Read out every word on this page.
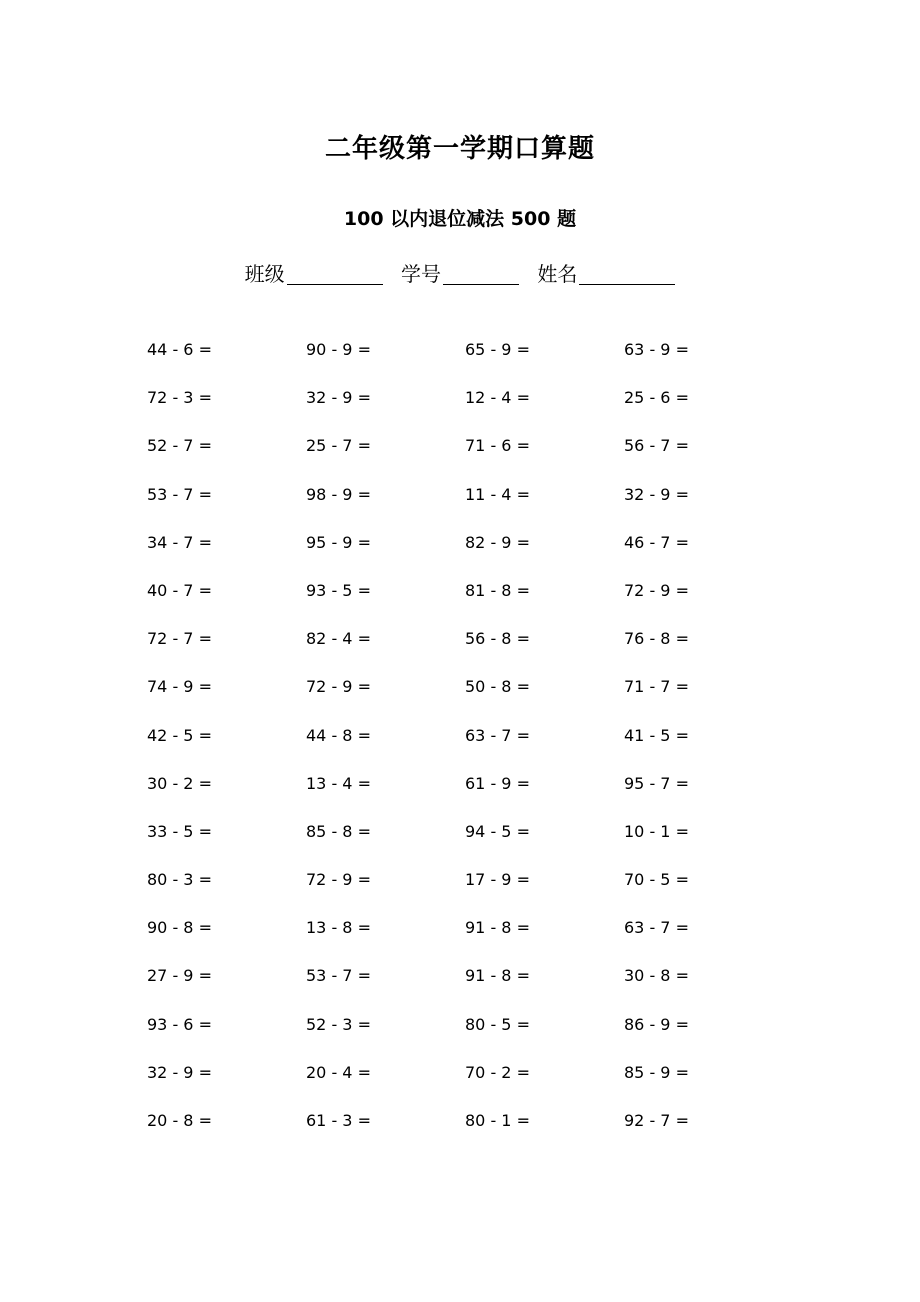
二年级第一学期口算题
100 以内退位减法 500 题
班级	学号	姓名
44 - 6 =	90 - 9 =	65 - 9 =	63 - 9 =
72 - 3 =	32 - 9 =	12 - 4 =	25 - 6 =
52 - 7 =	25 - 7 =	71 - 6 =	56 - 7 =
53 - 7 =	98 - 9 =	11 - 4 =	32 - 9 =
34 - 7 =	95 - 9 =	82 - 9 =	46 - 7 =
40 - 7 =	93 - 5 =	81 - 8 =	72 - 9 =
72 - 7 =	82 - 4 =	56 - 8 =	76 - 8 =
74 - 9 =	72 - 9 =	50 - 8 =	71 - 7 =
42 - 5 =	44 - 8 =	63 - 7 =	41 - 5 =
30 - 2 =	13 - 4 =	61 - 9 =	95 - 7 =
33 - 5 =	85 - 8 =	94 - 5 =	10 - 1 =
80 - 3 =	72 - 9 =	17 - 9 =	70 - 5 =
90 - 8 =	13 - 8 =	91 - 8 =	63 - 7 =
27 - 9 =	53 - 7 =	91 - 8 =	30 - 8 =
93 - 6 =	52 - 3 =	80 - 5 =	86 - 9 =
32 - 9 =	20 - 4 =	70 - 2 =	85 - 9 =
20 - 8 =	61 - 3 =	80 - 1 =	92 - 7 =
